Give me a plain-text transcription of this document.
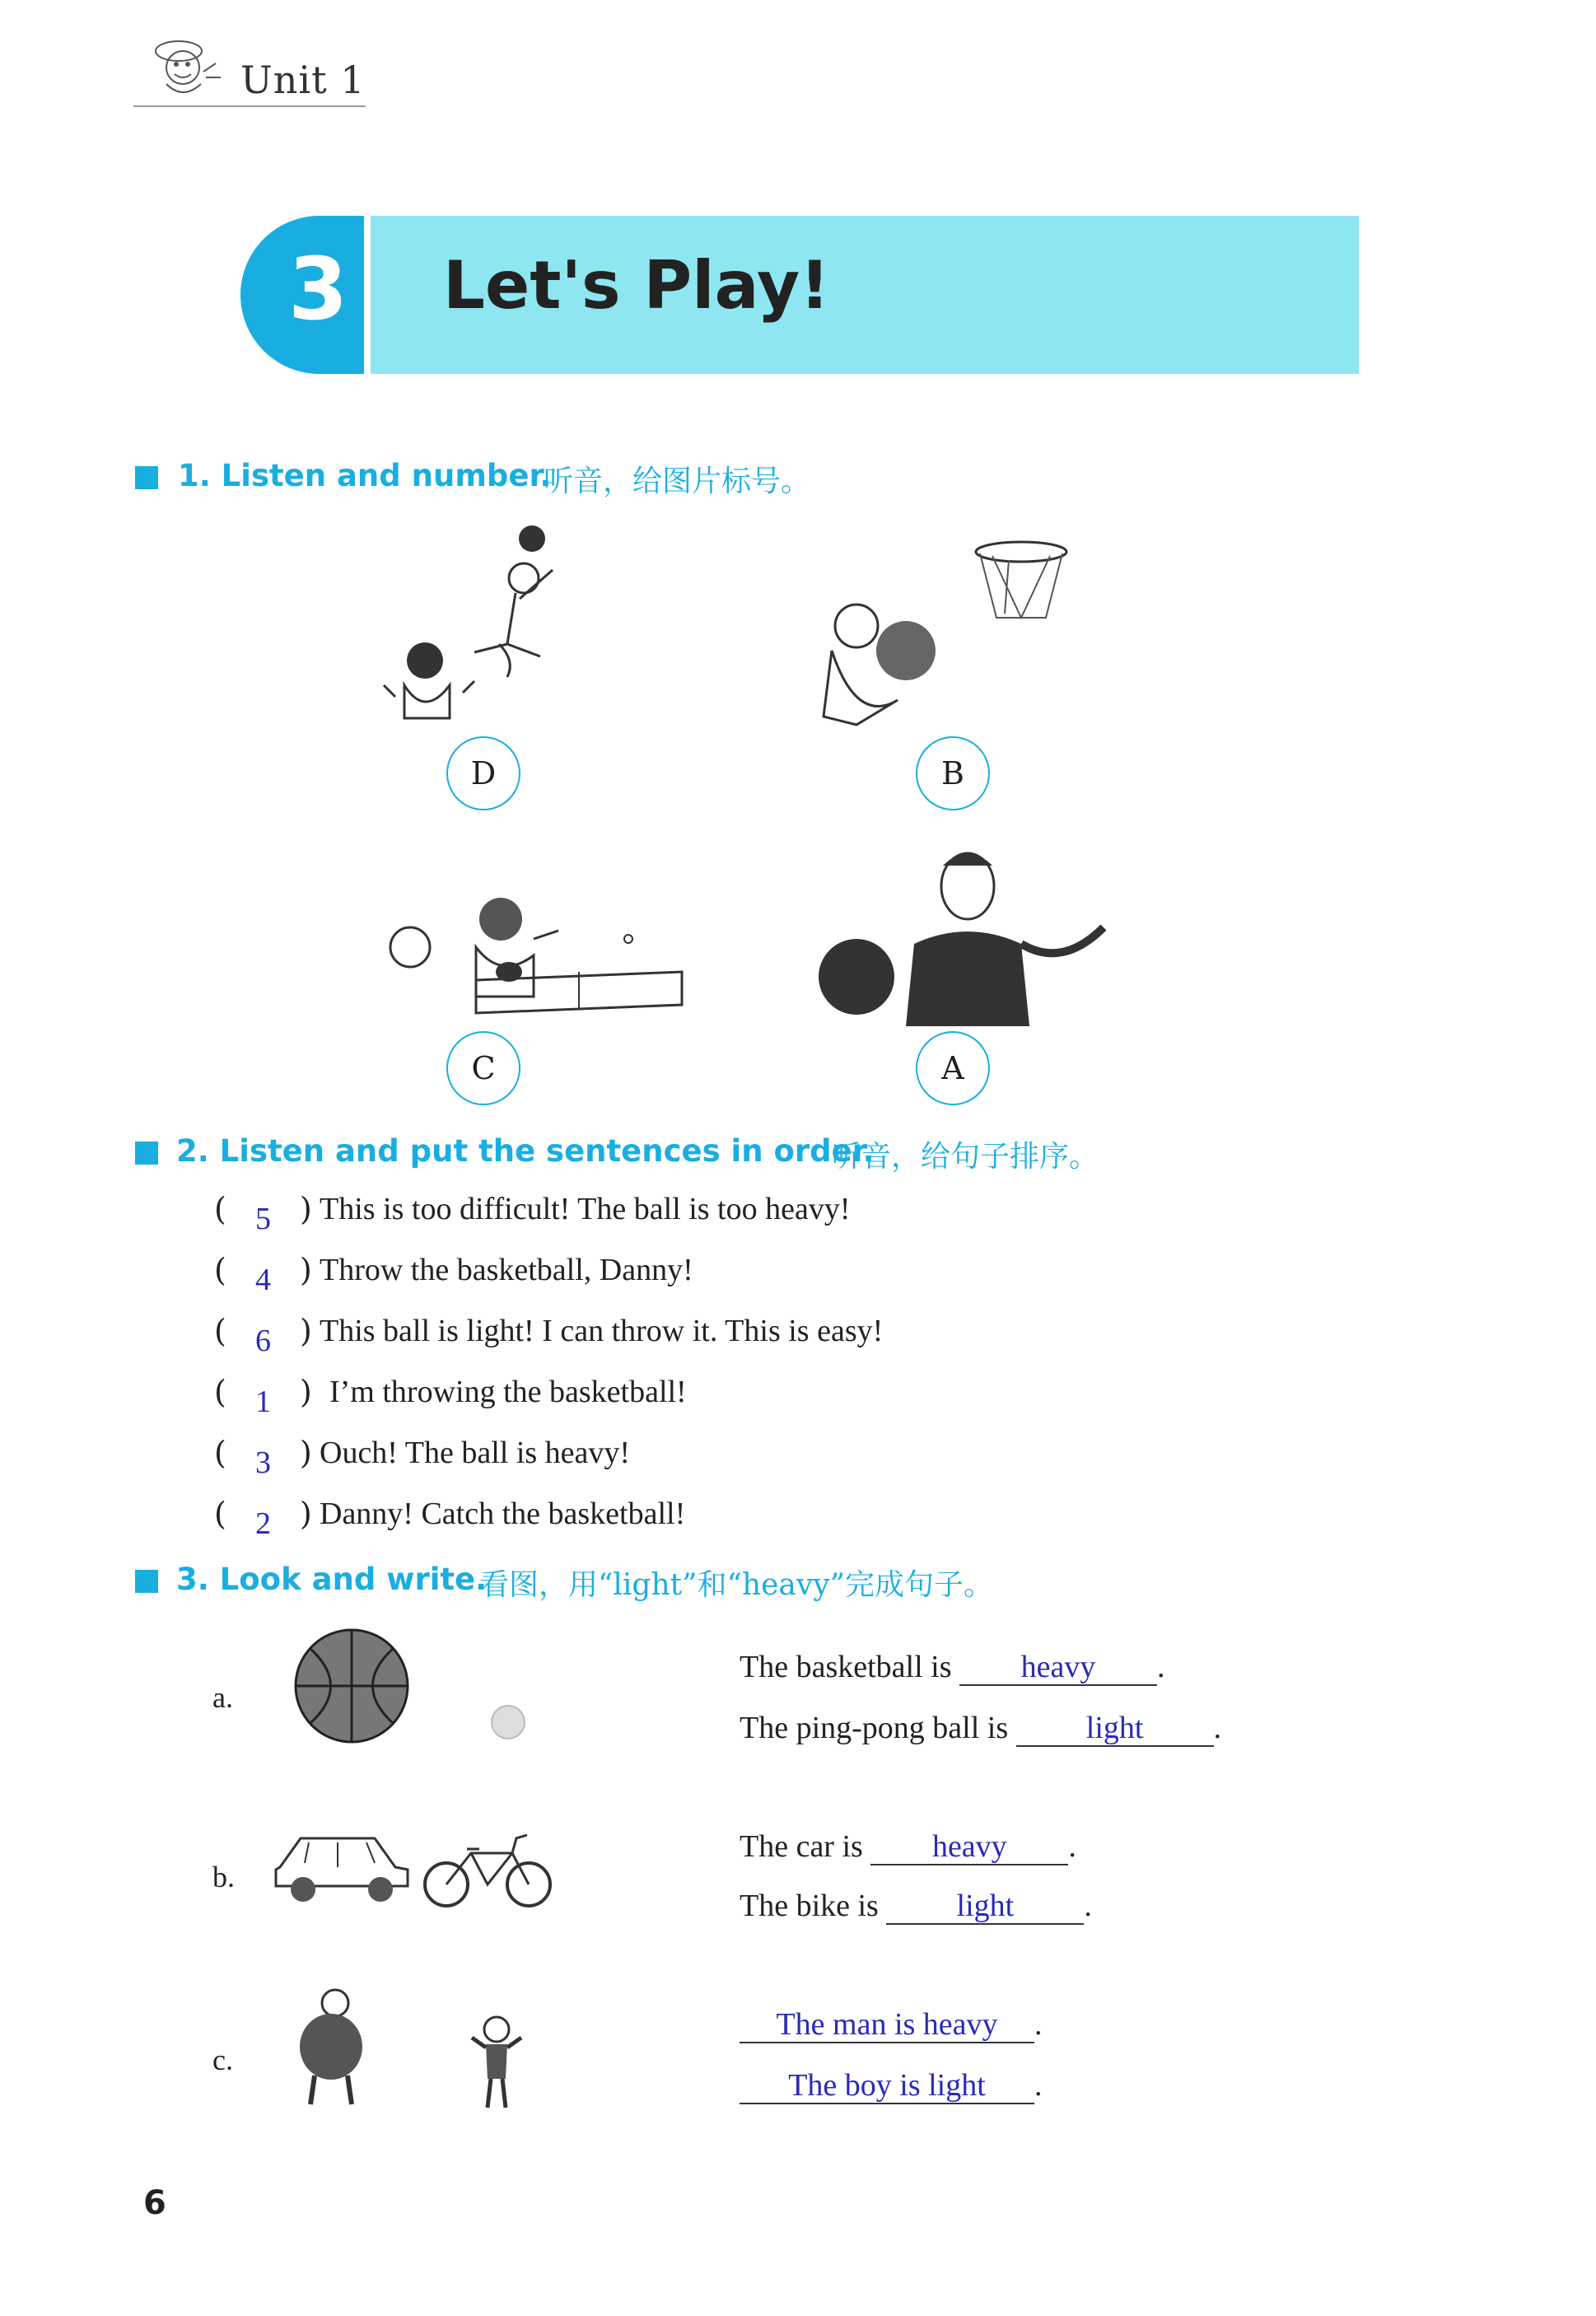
Unit 1
3 Let's Play!
1. Listen and number.
听音，给图片标号。
D	B
C	A
2. Listen and put the sentences in order.
听音，给句子排序。
( 5 ) This is too difficult! The ball is too heavy!
( 4 ) Throw the basketball, Danny!
( 6 ) This ball is light! I can throw it. This is easy!
( 1 ) I’m throwing the basketball!
( 3 ) Ouch! The ball is heavy!
( 2 ) Danny! Catch the basketball!
3. Look and write.
看图，用“light”和“heavy”完成句子。
a.
The basketball is heavy .
The ping-pong ball is light .
b.
The car is heavy .
The bike is light .
c.
The man is heavy .
The boy is light .
6
